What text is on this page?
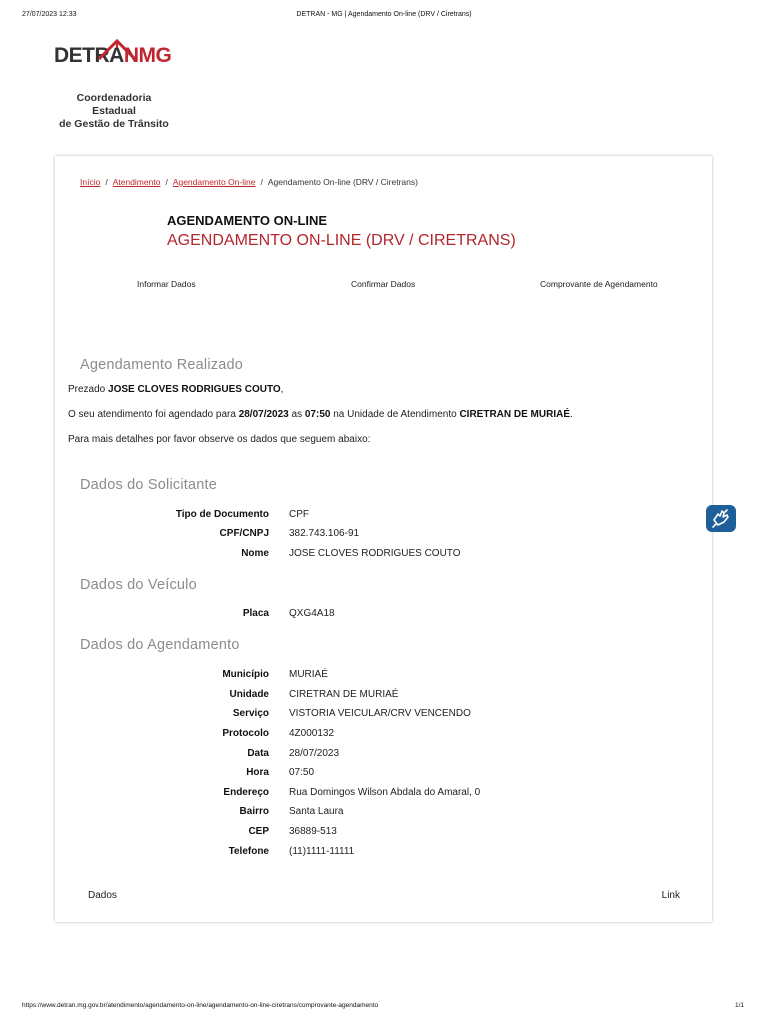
27/07/2023 12:33	DETRAN - MG | Agendamento On-line (DRV / Ciretrans)
DETRANMG
Coordenadoria Estadual
de Gestão de Trânsito
Início / Atendimento / Agendamento On-line / Agendamento On-line (DRV / Ciretrans)
AGENDAMENTO ON-LINE
AGENDAMENTO ON-LINE (DRV / CIRETRANS)
Informar Dados	Confirmar Dados	Comprovante de Agendamento
Agendamento Realizado
Prezado JOSE CLOVES RODRIGUES COUTO,
O seu atendimento foi agendado para 28/07/2023 as 07:50 na Unidade de Atendimento CIRETRAN DE MURIAÉ.
Para mais detalhes por favor observe os dados que seguem abaixo:
Dados do Solicitante
Tipo de Documento CPF
CPF/CNPJ 382.743.106-91
Nome JOSE CLOVES RODRIGUES COUTO
Dados do Veículo
Placa QXG4A18
Dados do Agendamento
Município MURIAÉ
Unidade CIRETRAN DE MURIAÉ
Serviço VISTORIA VEICULAR/CRV VENCENDO
Protocolo 4Z000132
Data 28/07/2023
Hora 07:50
Endereço Rua Domingos Wilson Abdala do Amaral, 0
Bairro Santa Laura
CEP 36889-513
Telefone (11)1111-11111
Dados	Link
https://www.detran.mg.gov.br/atendimento/agendamento-on-line/agendamento-on-line-ciretrans/comprovante-agendamento	1/1
